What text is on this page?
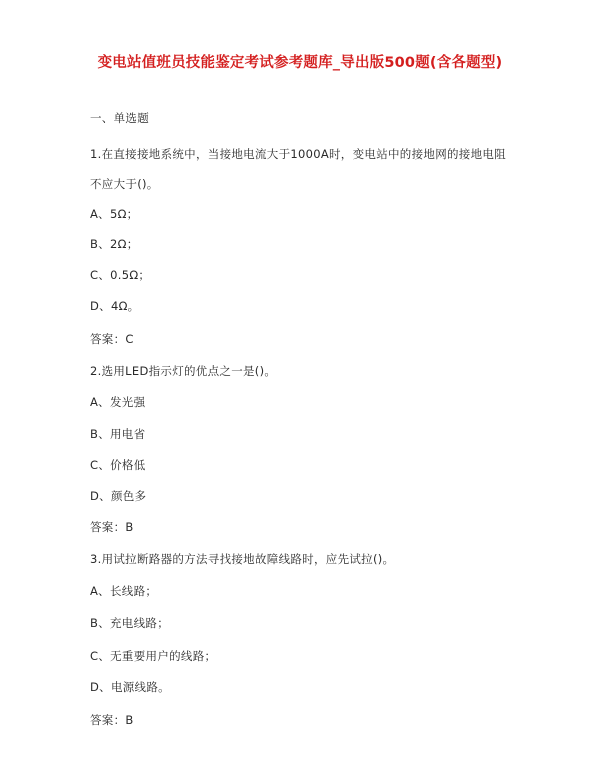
变电站值班员技能鉴定考试参考题库_导出版500题(含各题型)
一、单选题
1.在直接接地系统中，当接地电流大于1000A时，变电站中的接地网的接地电阻
不应大于()。
A、5Ω；
B、2Ω；
C、0.5Ω；
D、4Ω。
答案：C
2.选用LED指示灯的优点之一是()。
A、发光强
B、用电省
C、价格低
D、颜色多
答案：B
3.用试拉断路器的方法寻找接地故障线路时，应先试拉()。
A、长线路；
B、充电线路；
C、无重要用户的线路；
D、电源线路。
答案：B
